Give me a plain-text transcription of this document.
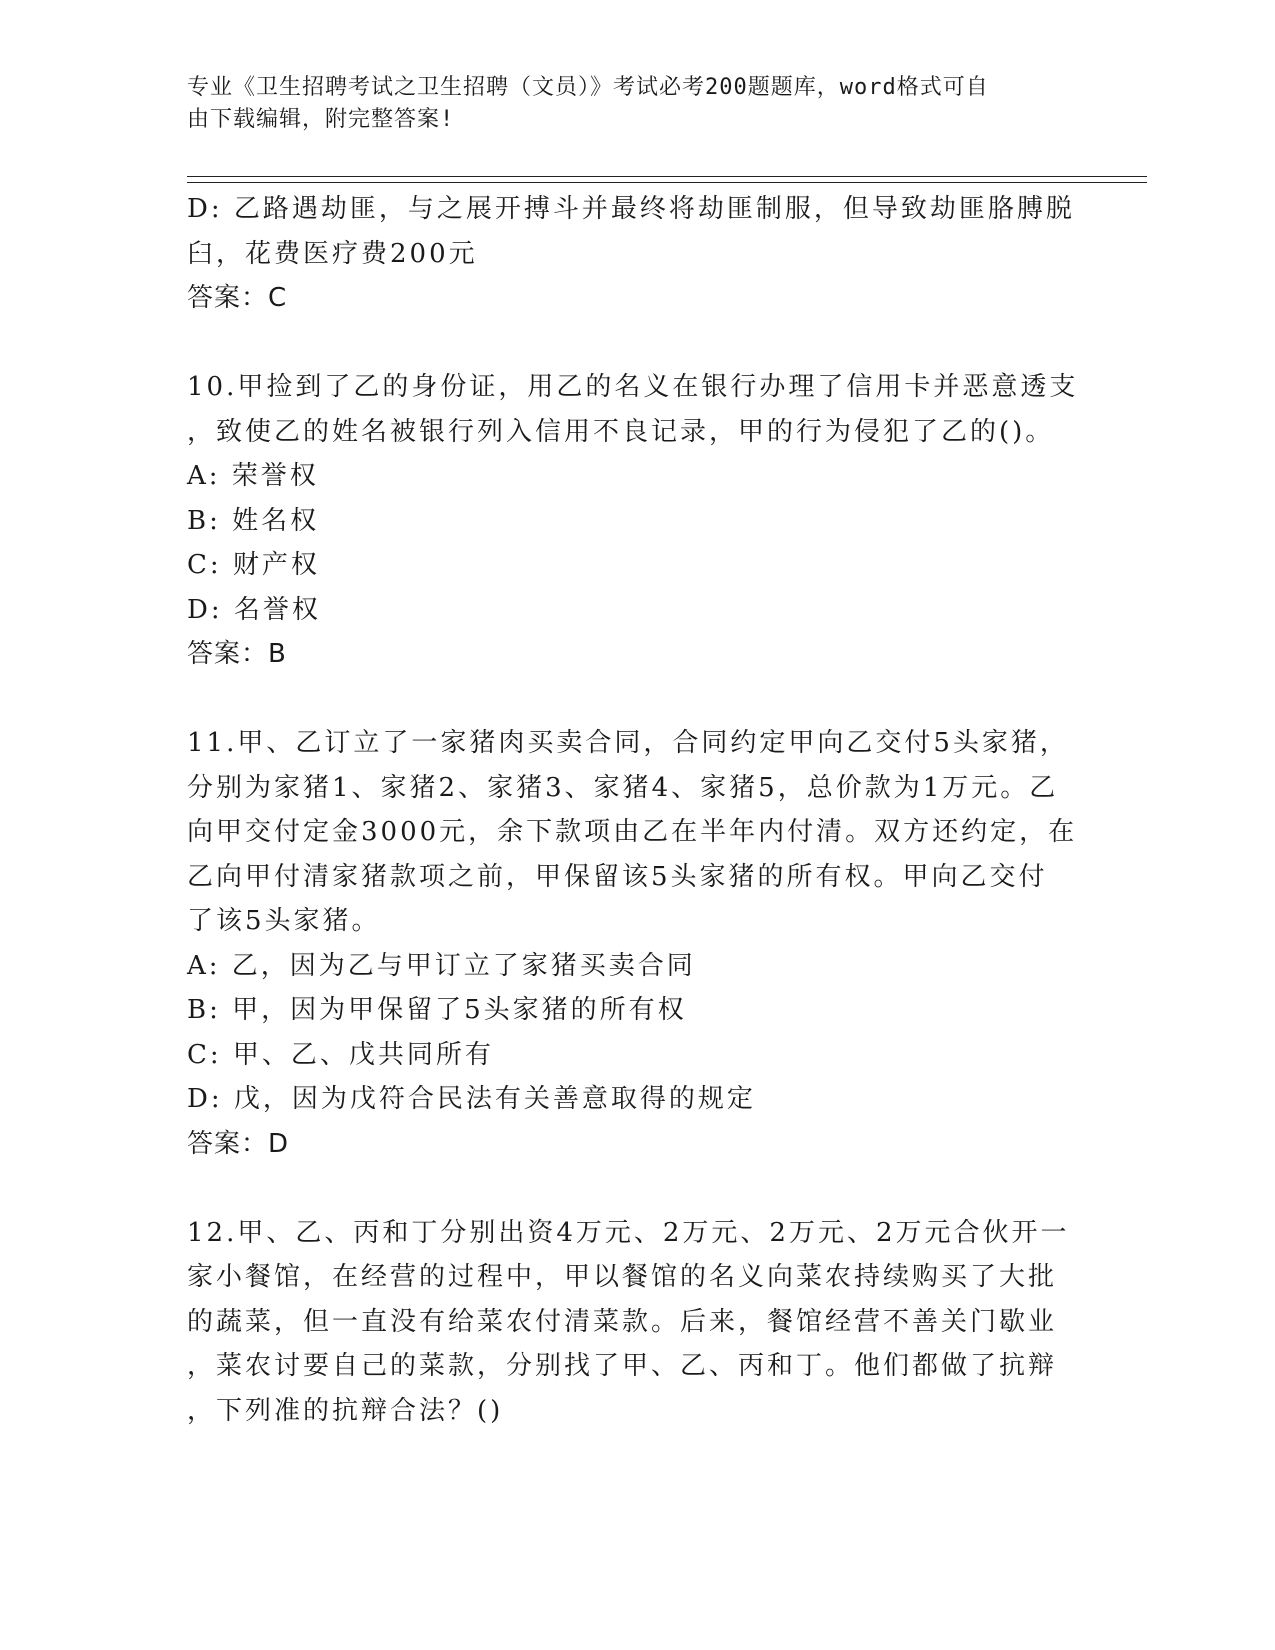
专业《卫生招聘考试之卫生招聘（文员）》考试必考200题题库，word格式可自
由下载编辑，附完整答案!

D: 乙路遇劫匪，与之展开搏斗并最终将劫匪制服，但导致劫匪胳膊脱

臼，花费医疗费200元

答案：C

10.甲捡到了乙的身份证，用乙的名义在银行办理了信用卡并恶意透支

，致使乙的姓名被银行列入信用不良记录，甲的行为侵犯了乙的()。

A: 荣誉权

B: 姓名权

C: 财产权

D: 名誉权

答案：B

11.甲、乙订立了一家猪肉买卖合同，合同约定甲向乙交付5头家猪，

分别为家猪1、家猪2、家猪3、家猪4、家猪5，总价款为1万元。乙

向甲交付定金3000元，余下款项由乙在半年内付清。双方还约定，在

乙向甲付清家猪款项之前，甲保留该5头家猪的所有权。甲向乙交付

了该5头家猪。

A: 乙，因为乙与甲订立了家猪买卖合同

B: 甲，因为甲保留了5头家猪的所有权

C: 甲、乙、戊共同所有

D: 戊，因为戊符合民法有关善意取得的规定

答案：D

12.甲、乙、丙和丁分别出资4万元、2万元、2万元、2万元合伙开一

家小餐馆，在经营的过程中，甲以餐馆的名义向菜农持续购买了大批

的蔬菜，但一直没有给菜农付清菜款。后来，餐馆经营不善关门歇业

，菜农讨要自己的菜款，分别找了甲、乙、丙和丁。他们都做了抗辩

，下列准的抗辩合法？()
